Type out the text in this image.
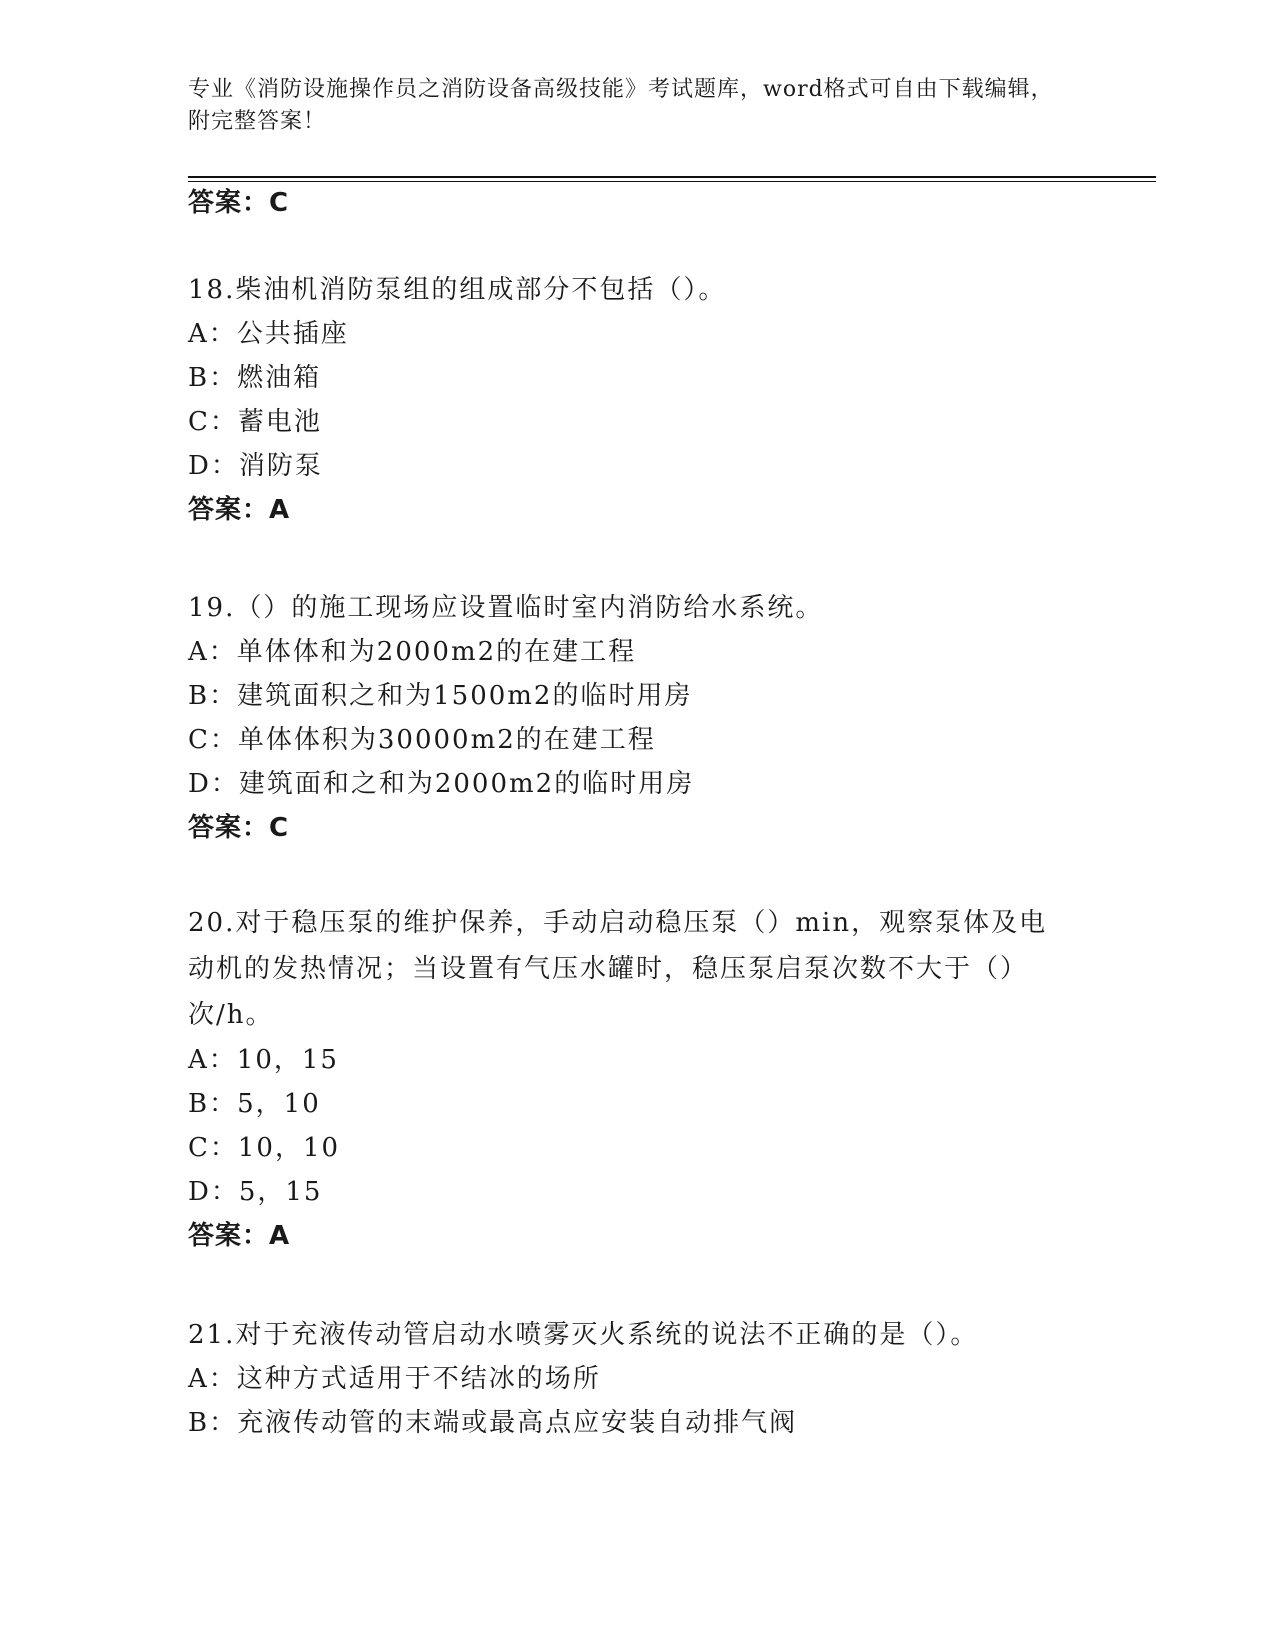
专业《消防设施操作员之消防设备高级技能》考试题库，word格式可自由下载编辑，附完整答案！
答案：C
18.柴油机消防泵组的组成部分不包括（）。
A：公共插座
B：燃油箱
C：蓄电池
D：消防泵
答案：A
19.（）的施工现场应设置临时室内消防给水系统。
A：单体体和为2000m2的在建工程
B：建筑面积之和为1500m2的临时用房
C：单体体积为30000m2的在建工程
D：建筑面和之和为2000m2的临时用房
答案：C
20.对于稳压泵的维护保养，手动启动稳压泵（）min，观察泵体及电动机的发热情况；当设置有气压水罐时，稳压泵启泵次数不大于（）次/h。
A：10，15
B：5，10
C：10，10
D：5，15
答案：A
21.对于充液传动管启动水喷雾灭火系统的说法不正确的是（）。
A：这种方式适用于不结冰的场所
B：充液传动管的末端或最高点应安装自动排气阀
